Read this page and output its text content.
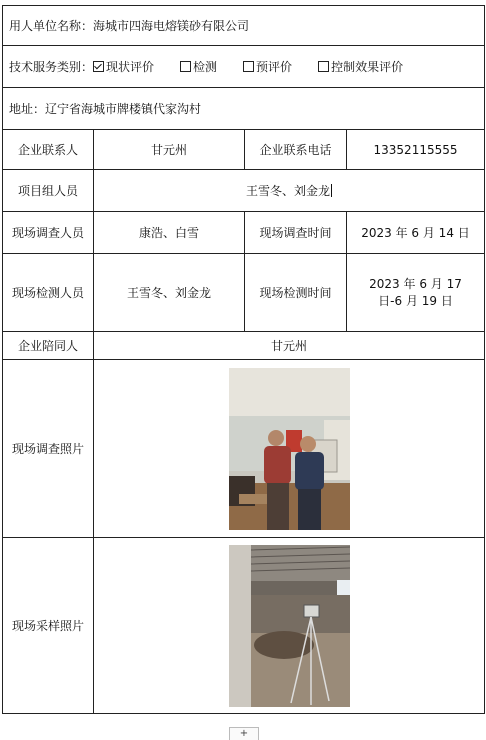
用人单位名称：海城市四海电熔镁砂有限公司			
技术服务类别： 现状评价 检测 预评价 控制效果评价			
地址：辽宁省海城市牌楼镇代家沟村			
企业联系人	甘元州	企业联系电话	13352115555
项目组人员	王雪冬、刘金龙		
现场调查人员	康浩、白雪	现场调查时间	2023 年 6 月 14 日
现场检测人员	王雪冬、刘金龙	现场检测时间	2023 年 6 月 17 日-6 月 19 日
企业陪同人	甘元州		
现场调查照片	

现场采样照片	
+
